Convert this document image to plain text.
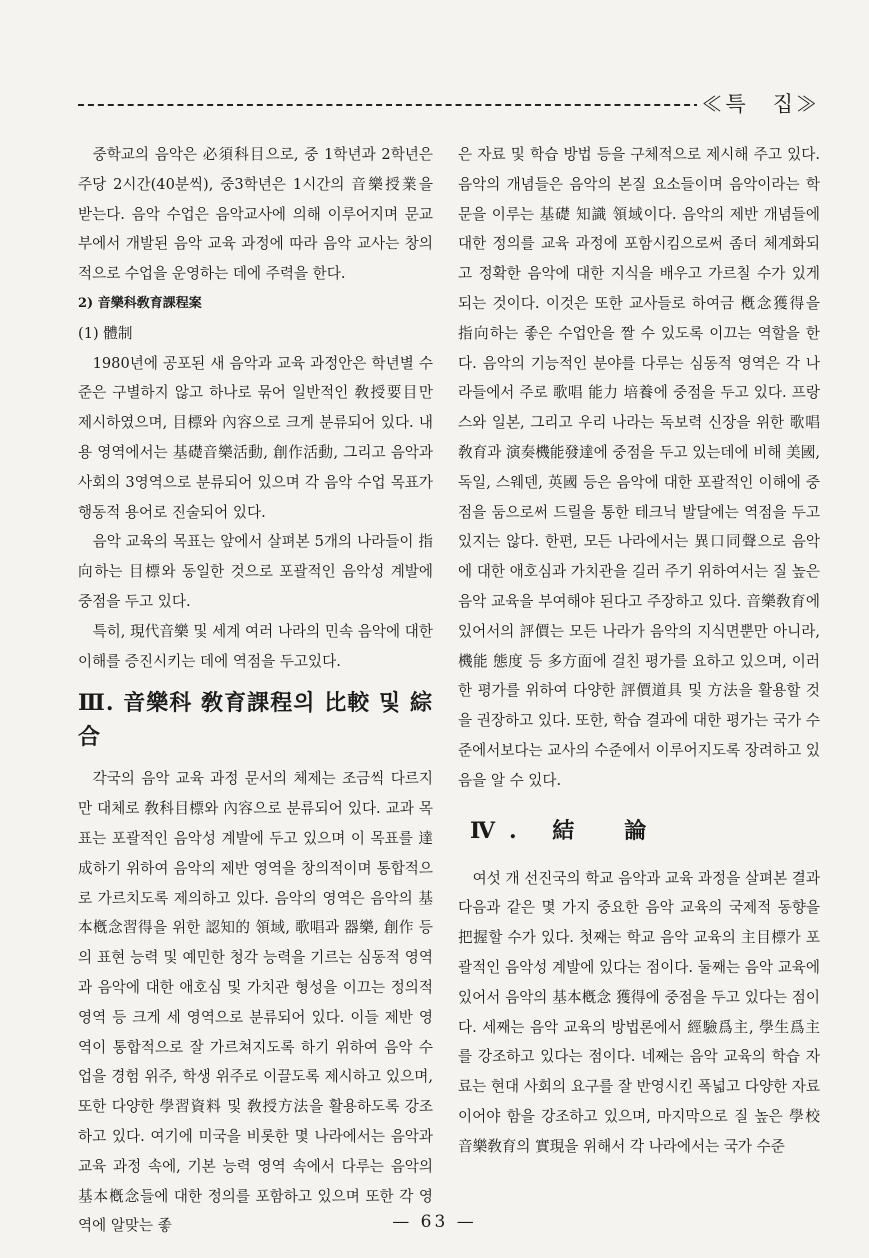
≪특　집≫

중학교의 음악은 必須科目으로, 중 1학년과 2학년은 주당 2시간(40분씩), 중3학년은 1시간의 音樂授業을 받는다. 음악 수업은 음악교사에 의해 이루어지며 문교부에서 개발된 음악 교육 과정에 따라 음악 교사는 창의적으로 수업을 운영하는 데에 주력을 한다.

2) 音樂科敎育課程案
(1) 體制

1980년에 공포된 새 음악과 교육 과정안은 학년별 수준은 구별하지 않고 하나로 묶어 일반적인 敎授要目만 제시하였으며, 目標와 內容으로 크게 분류되어 있다. 내용 영역에서는 基礎音樂活動, 創作活動, 그리고 음악과 사회의 3영역으로 분류되어 있으며 각 음악 수업 목표가 행동적 용어로 진술되어 있다.

음악 교육의 목표는 앞에서 살펴본 5개의 나라들이 指向하는 目標와 동일한 것으로 포괄적인 음악성 계발에 중점을 두고 있다.

특히, 現代音樂 및 세계 여러 나라의 민속 음악에 대한 이해를 증진시키는 데에 역점을 두고있다.

Ⅲ. 音樂科 敎育課程의 比較 및 綜合

각국의 음악 교육 과정 문서의 체제는 조금씩 다르지만 대체로 敎科目標와 內容으로 분류되어 있다. 교과 목표는 포괄적인 음악성 계발에 두고 있으며 이 목표를 達成하기 위하여 음악의 제반 영역을 창의적이며 통합적으로 가르치도록 제의하고 있다. 음악의 영역은 음악의 基本槪念習得을 위한 認知的 領域, 歌唱과 器樂, 創作 등의 표현 능력 및 예민한 청각 능력을 기르는 심동적 영역과 음악에 대한 애호심 및 가치관 형성을 이끄는 정의적 영역 등 크게 세 영역으로 분류되어 있다. 이들 제반 영역이 통합적으로 잘 가르쳐지도록 하기 위하여 음악 수업을 경험 위주, 학생 위주로 이끌도록 제시하고 있으며, 또한 다양한 學習資料 및 敎授方法을 활용하도록 강조하고 있다. 여기에 미국을 비롯한 몇 나라에서는 음악과 교육 과정 속에, 기본 능력 영역 속에서 다루는 음악의 基本槪念들에 대한 정의를 포함하고 있으며 또한 각 영역에 알맞는 좋

은 자료 및 학습 방법 등을 구체적으로 제시해 주고 있다. 음악의 개념들은 음악의 본질 요소들이며 음악이라는 학문을 이루는 基礎 知識 領域이다. 음악의 제반 개념들에 대한 정의를 교육 과정에 포함시킴으로써 좀더 체계화되고 정확한 음악에 대한 지식을 배우고 가르칠 수가 있게 되는 것이다. 이것은 또한 교사들로 하여금 槪念獲得을 指向하는 좋은 수업안을 짤 수 있도록 이끄는 역할을 한다. 음악의 기능적인 분야를 다루는 심동적 영역은 각 나라들에서 주로 歌唱 能力 培養에 중점을 두고 있다. 프랑스와 일본, 그리고 우리 나라는 독보력 신장을 위한 歌唱敎育과 演奏機能發達에 중점을 두고 있는데에 비해 美國, 독일, 스웨덴, 英國 등은 음악에 대한 포괄적인 이해에 중점을 둠으로써 드릴을 통한 테크닉 발달에는 역점을 두고있지는 않다. 한편, 모든 나라에서는 異口同聲으로 음악에 대한 애호심과 가치관을 길러 주기 위하여서는 질 높은 음악 교육을 부여해야 된다고 주장하고 있다. 音樂敎育에 있어서의 評價는 모든 나라가 음악의 지식면뿐만 아니라, 機能 態度 등 多方面에 걸친 평가를 요하고 있으며, 이러한 평가를 위하여 다양한 評價道具 및 方法을 활용할 것을 권장하고 있다. 또한, 학습 결과에 대한 평가는 국가 수준에서보다는 교사의 수준에서 이루어지도록 장려하고 있음을 알 수 있다.

Ⅳ. 結　論

여섯 개 선진국의 학교 음악과 교육 과정을 살펴본 결과 다음과 같은 몇 가지 중요한 음악 교육의 국제적 동향을 把握할 수가 있다. 첫째는 학교 음악 교육의 主目標가 포괄적인 음악성 계발에 있다는 점이다. 둘째는 음악 교육에 있어서 음악의 基本槪念 獲得에 중점을 두고 있다는 점이다. 세째는 음악 교육의 방법론에서 經驗爲主, 學生爲主를 강조하고 있다는 점이다. 네째는 음악 교육의 학습 자료는 현대 사회의 요구를 잘 반영시킨 폭넓고 다양한 자료이어야 함을 강조하고 있으며, 마지막으로 질 높은 學校音樂敎育의 實現을 위해서 각 나라에서는 국가 수준

— 63 —
